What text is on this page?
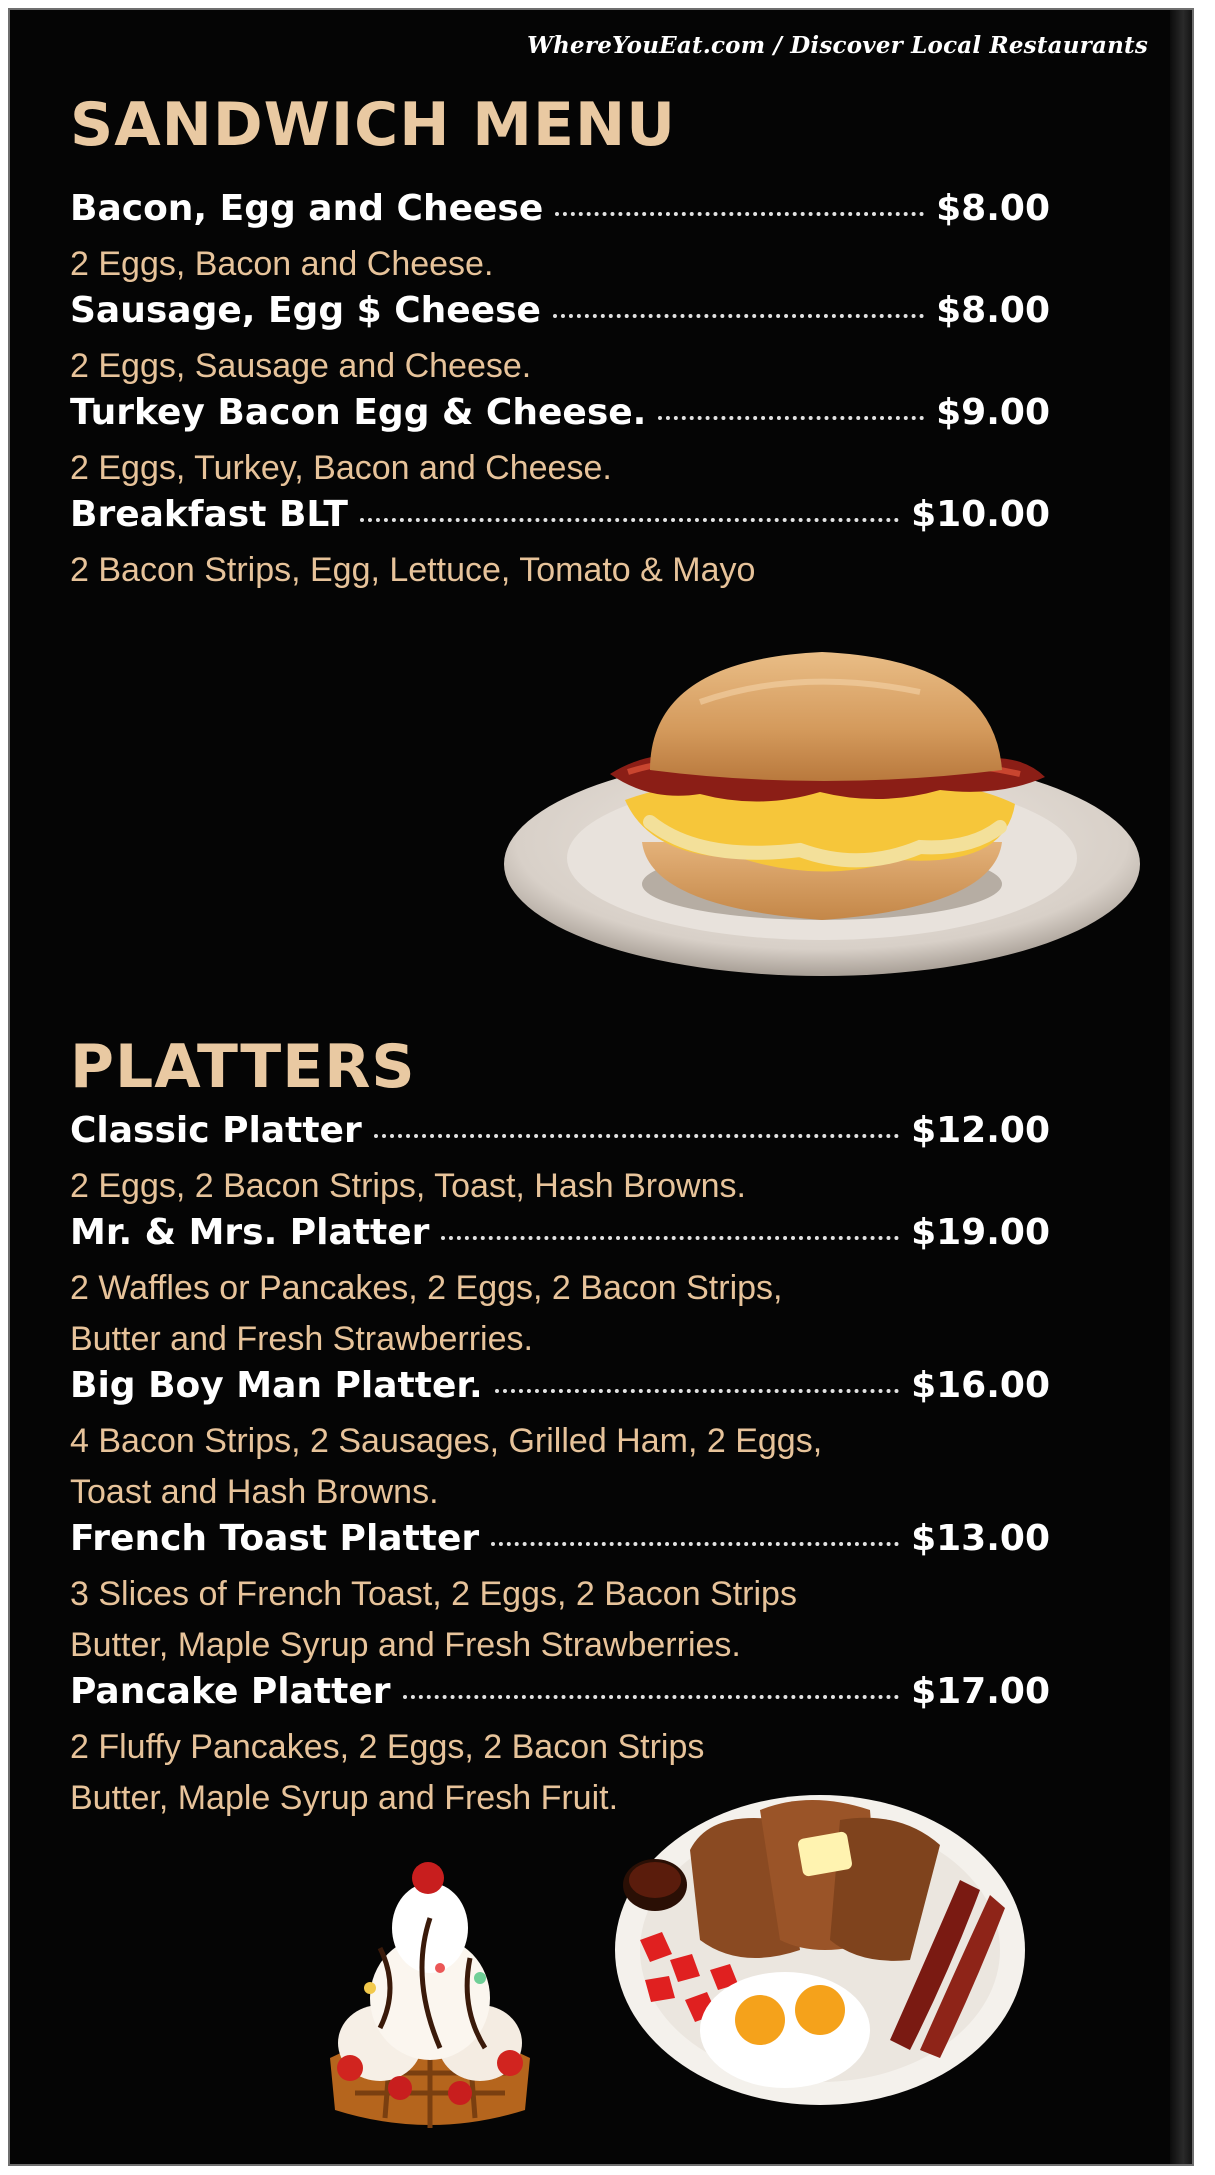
WhereYouEat.com / Discover Local Restaurants
SANDWICH MENU
Bacon, Egg and Cheese	$8.00
2 Eggs, Bacon and Cheese.
Sausage, Egg $ Cheese	$8.00
2 Eggs, Sausage and Cheese.
Turkey Bacon Egg & Cheese.	$9.00
2 Eggs, Turkey, Bacon and Cheese.
Breakfast BLT	$10.00
2 Bacon Strips, Egg, Lettuce, Tomato & Mayo
PLATTERS
Classic Platter	$12.00
2 Eggs, 2 Bacon Strips, Toast, Hash Browns.
Mr. & Mrs. Platter	$19.00
2 Waffles or Pancakes, 2 Eggs, 2 Bacon Strips,
Butter and Fresh Strawberries.
Big Boy Man Platter.	$16.00
4 Bacon Strips, 2 Sausages, Grilled Ham, 2 Eggs,
Toast and Hash Browns.
French Toast Platter	$13.00
3 Slices of French Toast, 2 Eggs, 2 Bacon Strips
Butter, Maple Syrup and Fresh Strawberries.
Pancake Platter	$17.00
2 Fluffy Pancakes, 2 Eggs, 2 Bacon Strips
Butter, Maple Syrup and Fresh Fruit.
